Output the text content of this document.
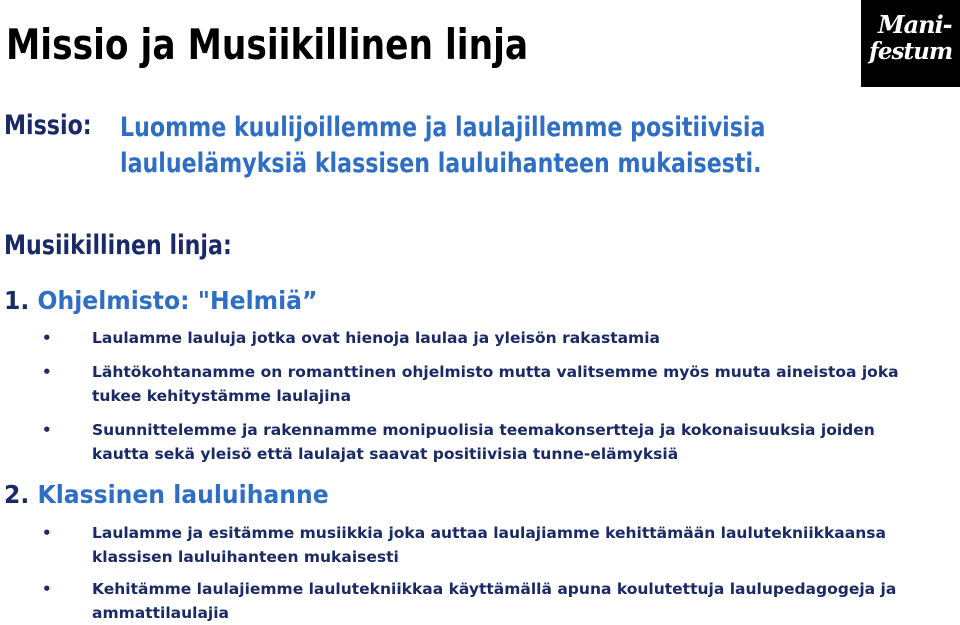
Missio ja Musiikillinen linja	Mani-
festum
Missio: Luomme kuulijoillemme ja laulajillemme positiivisia
lauluelämyksiä klassisen lauluihanteen mukaisesti.
Musiikillinen linja:
1. Ohjelmisto: "Helmiä”
•	Laulamme lauluja jotka ovat hienoja laulaa ja yleisön rakastamia
•	Lähtökohtanamme on romanttinen ohjelmisto mutta valitsemme myös muuta aineistoa joka
tukee kehitystämme laulajina
•	Suunnittelemme ja rakennamme monipuolisia teemakonsertteja ja kokonaisuuksia joiden
kautta sekä yleisö että laulajat saavat positiivisia tunne-elämyksiä
2. Klassinen lauluihanne
•	Laulamme ja esitämme musiikkia joka auttaa laulajiamme kehittämään laulutekniikkaansa
klassisen lauluihanteen mukaisesti
•	Kehitämme laulajiemme laulutekniikkaa käyttämällä apuna koulutettuja laulupedagogeja ja
ammattilaulajia
